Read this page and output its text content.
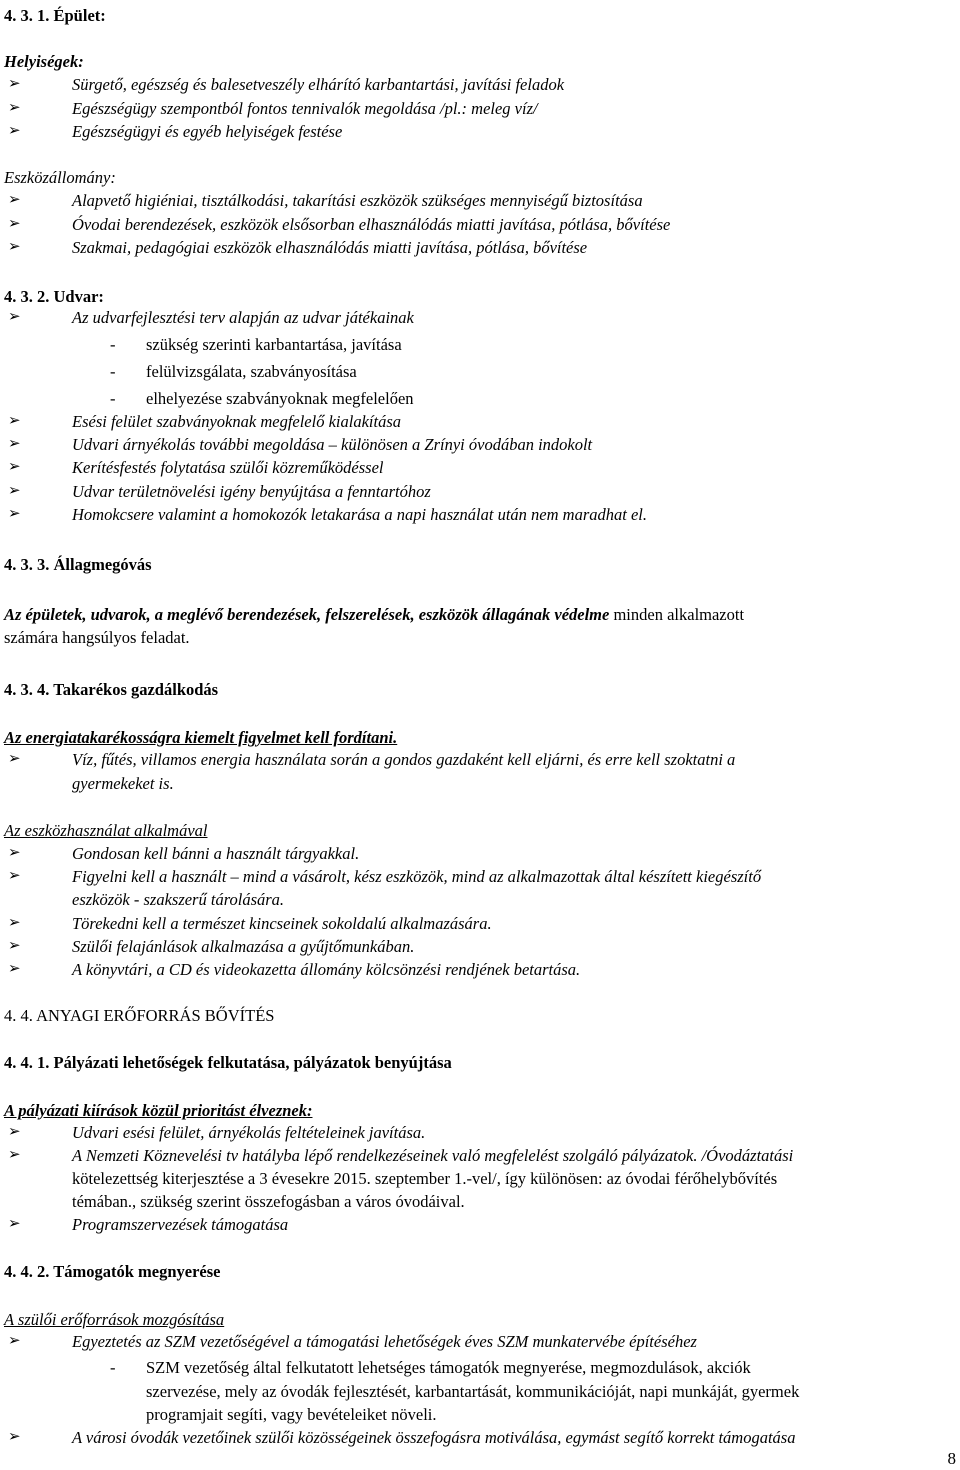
4. 3. 1. Épület:
Helyiségek:
➢	Sürgető, egészség és balesetveszély elhárító karbantartási, javítási feladok
➢	Egészségügy szempontból fontos tennivalók megoldása /pl.: meleg víz/
➢	Egészségügyi és egyéb helyiségek festése
Eszközállomány:
➢	Alapvető higiéniai, tisztálkodási, takarítási eszközök szükséges mennyiségű biztosítása
➢	Óvodai berendezések, eszközök elsősorban elhasználódás miatti javítása, pótlása, bővítése
➢	Szakmai, pedagógiai eszközök elhasználódás miatti javítása, pótlása, bővítése
4. 3. 2. Udvar:
➢	Az udvarfejlesztési terv alapján az udvar játékainak
- szükség szerinti karbantartása, javítása
- felülvizsgálata, szabványosítása
- elhelyezése szabványoknak megfelelően
➢	Esési felület szabványoknak megfelelő kialakítása
➢	Udvari árnyékolás további megoldása – különösen a Zrínyi óvodában indokolt
➢	Kerítésfestés folytatása szülői közreműködéssel
➢	Udvar területnövelési igény benyújtása a fenntartóhoz
➢	Homokcsere valamint a homokozók letakarása a napi használat után nem maradhat el.
4. 3. 3. Állagmegóvás
Az épületek, udvarok, a meglévő berendezések, felszerelések, eszközök állagának védelme minden alkalmazott
számára hangsúlyos feladat.
4. 3. 4. Takarékos gazdálkodás
Az energiatakarékosságra kiemelt figyelmet kell fordítani.
➢	Víz, fűtés, villamos energia használata során a gondos gazdaként kell eljárni, és erre kell szoktatni a
gyermekeket is.
Az eszközhasználat alkalmával
➢	Gondosan kell bánni a használt tárgyakkal.
➢	Figyelni kell a használt – mind a vásárolt, kész eszközök, mind az alkalmazottak által készített kiegészítő
eszközök - szakszerű tárolására.
➢	Törekedni kell a természet kincseinek sokoldalú alkalmazására.
➢	Szülői felajánlások alkalmazása a gyűjtőmunkában.
➢	A könyvtári, a CD és videokazetta állomány kölcsönzési rendjének betartása.
4. 4. ANYAGI ERŐFORRÁS BŐVÍTÉS
4. 4. 1. Pályázati lehetőségek felkutatása, pályázatok benyújtása
A pályázati kiírások közül prioritást élveznek:
➢	Udvari esési felület, árnyékolás feltételeinek javítása.
➢	A Nemzeti Köznevelési tv hatályba lépő rendelkezéseinek való megfelelést szolgáló pályázatok. /Óvodáztatási
kötelezettség kiterjesztése a 3 évesekre 2015. szeptember 1.-vel/, így különösen: az óvodai férőhelybővítés
témában., szükség szerint összefogásban a város óvodáival.
➢	Programszervezések támogatása
4. 4. 2. Támogatók megnyerése
A szülői erőforrások mozgósítása
➢	Egyeztetés az SZM vezetőségével a támogatási lehetőségek éves SZM munkatervébe építéséhez
- SZM vezetőség által felkutatott lehetséges támogatók megnyerése, megmozdulások, akciók
szervezése, mely az óvodák fejlesztését, karbantartását, kommunikációját, napi munkáját, gyermek
programjait segíti, vagy bevételeiket növeli.
➢	A városi óvodák vezetőinek szülői közösségeinek összefogásra motiválása, egymást segítő korrekt támogatása
8
